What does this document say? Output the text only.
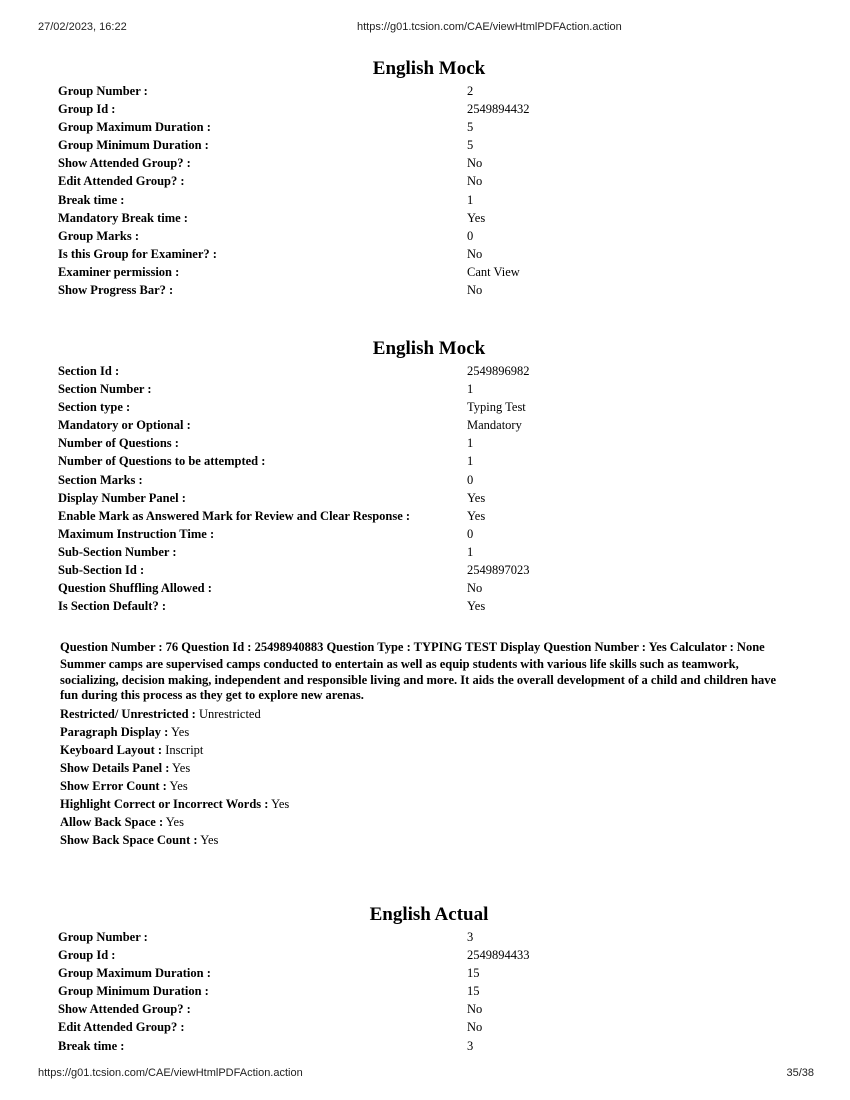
27/02/2023, 16:22	https://g01.tcsion.com/CAE/viewHtmlPDFAction.action
English Mock
Group Number :	2
Group Id :	2549894432
Group Maximum Duration :	5
Group Minimum Duration :	5
Show Attended Group? :	No
Edit Attended Group? :	No
Break time :	1
Mandatory Break time :	Yes
Group Marks :	0
Is this Group for Examiner? :	No
Examiner permission :	Cant View
Show Progress Bar? :	No
English Mock
Section Id :	2549896982
Section Number :	1
Section type :	Typing Test
Mandatory or Optional :	Mandatory
Number of Questions :	1
Number of Questions to be attempted :	1
Section Marks :	0
Display Number Panel :	Yes
Enable Mark as Answered Mark for Review and Clear Response :	Yes
Maximum Instruction Time :	0
Sub-Section Number :	1
Sub-Section Id :	2549897023
Question Shuffling Allowed :	No
Is Section Default? :	Yes
Question Number : 76 Question Id : 25498940883 Question Type : TYPING TEST Display Question Number : Yes Calculator : None
Summer camps are supervised camps conducted to entertain as well as equip students with various life skills such as teamwork, socializing, decision making, independent and responsible living and more. It aids the overall development of a child and children have fun during this process as they get to explore new arenas.
Restricted/ Unrestricted : Unrestricted
Paragraph Display : Yes
Keyboard Layout : Inscript
Show Details Panel : Yes
Show Error Count : Yes
Highlight Correct or Incorrect Words : Yes
Allow Back Space : Yes
Show Back Space Count : Yes
English Actual
Group Number :	3
Group Id :	2549894433
Group Maximum Duration :	15
Group Minimum Duration :	15
Show Attended Group? :	No
Edit Attended Group? :	No
Break time :	3
https://g01.tcsion.com/CAE/viewHtmlPDFAction.action	35/38
